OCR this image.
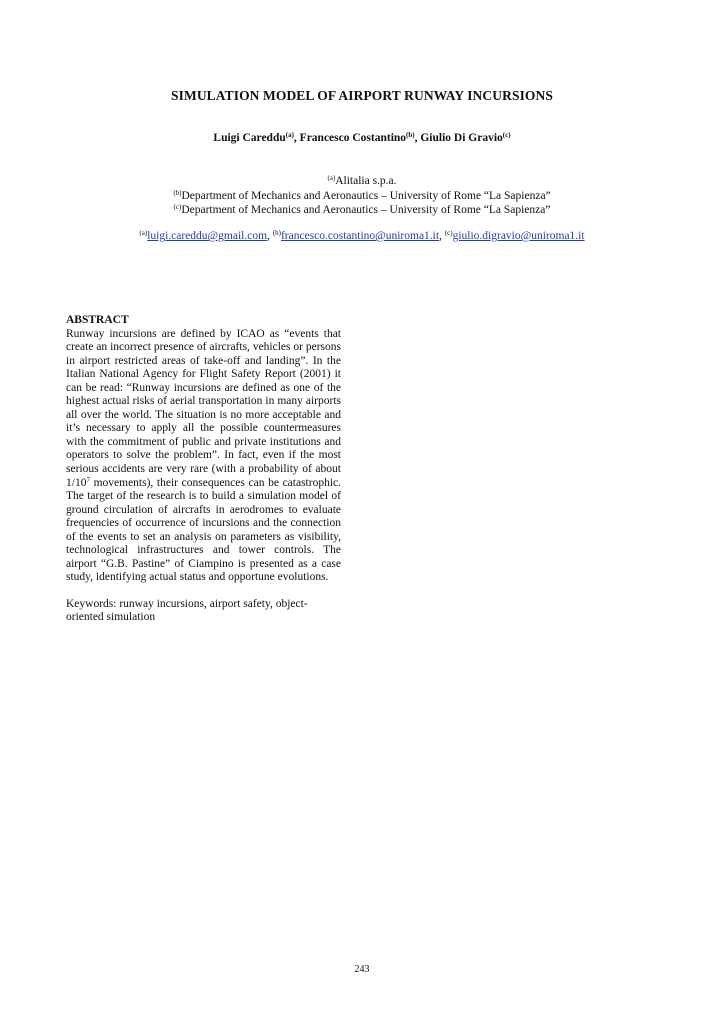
SIMULATION MODEL OF AIRPORT RUNWAY INCURSIONS
Luigi Careddu$^{(a)}$, Francesco Costantino$^{(b)}$, Giulio Di Gravio$^{(c)}$
$^{(a)}$Alitalia s.p.a.
$^{(b)}$Department of Mechanics and Aeronautics – University of Rome “La Sapienza”
$^{(c)}$Department of Mechanics and Aeronautics – University of Rome “La Sapienza”
$^{(a)}$luigi.careddu@gmail.com, $^{(b)}$francesco.costantino@uniroma1.it, $^{(c)}$giulio.digravio@uniroma1.it
ABSTRACT
Runway incursions are defined by ICAO as “events that create an incorrect presence of aircrafts, vehicles or persons in airport restricted areas of take-off and landing”. In the Italian National Agency for Flight Safety Report (2001) it can be read: “Runway incursions are defined as one of the highest actual risks of aerial transportation in many airports all over the world. The situation is no more acceptable and it’s necessary to apply all the possible countermeasures with the commitment of public and private institutions and operators to solve the problem”. In fact, even if the most serious accidents are very rare (with a probability of about $1/10^7$ movements), their consequences can be catastrophic. The target of the research is to build a simulation model of ground circulation of aircrafts in aerodromes to evaluate frequencies of occurrence of incursions and the connection of the events to set an analysis on parameters as visibility, technological infrastructures and tower controls. The airport “G.B. Pastine” of Ciampino is presented as a case study, identifying actual status and opportune evolutions.
Keywords: runway incursions, airport safety, object-oriented simulation
243
